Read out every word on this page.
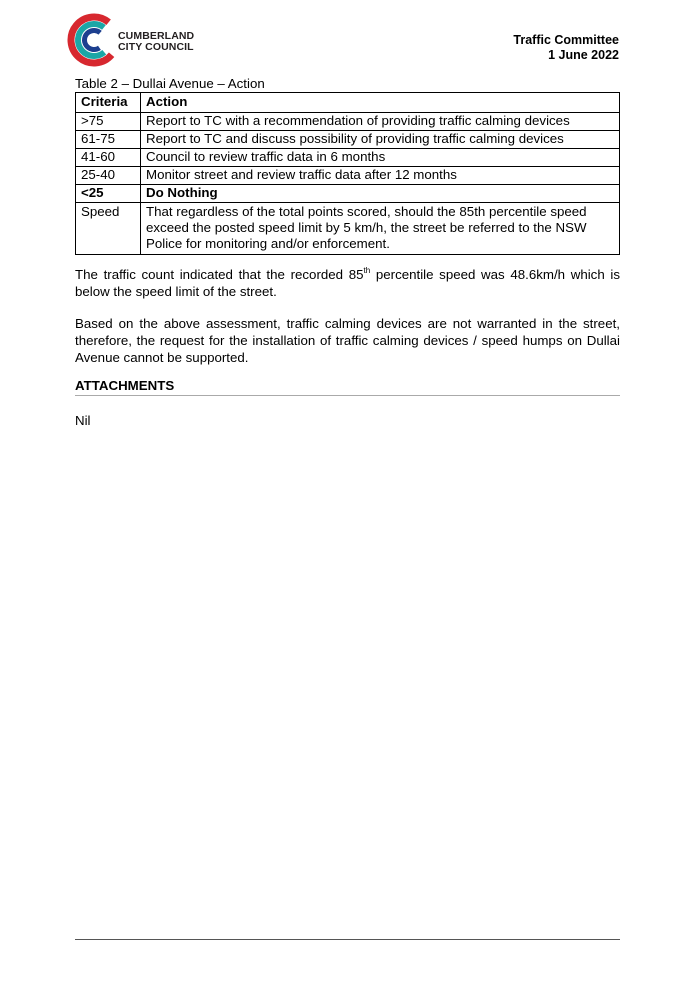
CUMBERLAND
CITY COUNCIL	Traffic Committee
1 June 2022
Table 2 – Dullai Avenue – Action
Criteria	Action
>75	Report to TC with a recommendation of providing traffic calming devices
61-75	Report to TC and discuss possibility of providing traffic calming devices
41-60	Council to review traffic data in 6 months
25-40	Monitor street and review traffic data after 12 months
<25	Do Nothing
Speed	That regardless of the total points scored, should the 85th percentile speed exceed the posted speed limit by 5 km/h, the street be referred to the NSW Police for monitoring and/or enforcement.
The traffic count indicated that the recorded 85th percentile speed was 48.6km/h which is below the speed limit of the street.
Based on the above assessment, traffic calming devices are not warranted in the street, therefore, the request for the installation of traffic calming devices / speed humps on Dullai Avenue cannot be supported.
ATTACHMENTS
Nil
